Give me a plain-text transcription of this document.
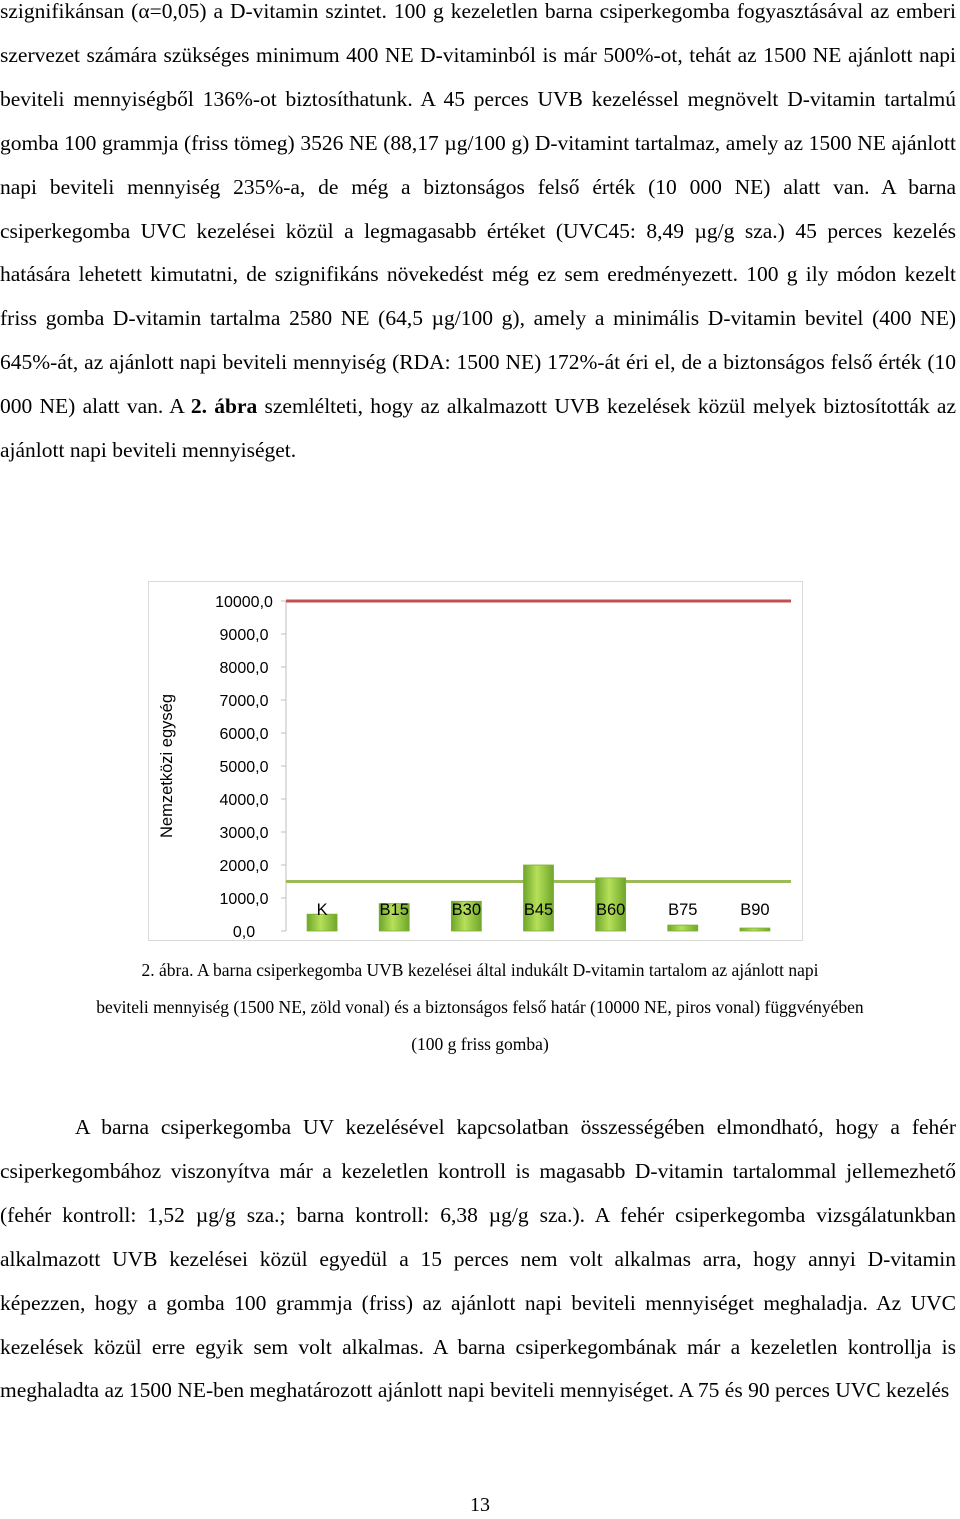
szignifikánsan (α=0,05) a D-vitamin szintet. 100 g kezeletlen barna csiperkegomba fogyasztásával az emberi szervezet számára szükséges minimum 400 NE D-vitaminból is már 500%-ot, tehát az 1500 NE ajánlott napi beviteli mennyiségből 136%-ot biztosíthatunk. A 45 perces UVB kezeléssel megnövelt D-vitamin tartalmú gomba 100 grammja (friss tömeg) 3526 NE (88,17 µg/100 g) D-vitamint tartalmaz, amely az 1500 NE ajánlott napi beviteli mennyiség 235%-a, de még a biztonságos felső érték (10 000 NE) alatt van. A barna csiperkegomba UVC kezelései közül a legmagasabb értéket (UVC45: 8,49 µg/g sza.) 45 perces kezelés hatására lehetett kimutatni, de szignifikáns növekedést még ez sem eredményezett. 100 g ily módon kezelt friss gomba D-vitamin tartalma 2580 NE (64,5 µg/100 g), amely a minimális D-vitamin bevitel (400 NE) 645%-át, az ajánlott napi beviteli mennyiség (RDA: 1500 NE) 172%-át éri el, de a biztonságos felső érték (10 000 NE) alatt van. A 2. ábra szemlélteti, hogy az alkalmazott UVB kezelések közül melyek biztosították az ajánlott napi beviteli mennyiséget.

0,0
1000,0
2000,0
3000,0
4000,0
5000,0
6000,0
7000,0
8000,0
9000,0
10000,0
Nemzetközi egység
K	B15	B30	B45	B60	B75	B90
2. ábra. A barna csiperkegomba UVB kezelései által indukált D-vitamin tartalom az ajánlott napi
beviteli mennyiség (1500 NE, zöld vonal) és a biztonságos felső határ (10000 NE, piros vonal) függvényében
(100 g friss gomba)

A barna csiperkegomba UV kezelésével kapcsolatban összességében elmondható, hogy a fehér csiperkegombához viszonyítva már a kezeletlen kontroll is magasabb D-vitamin tartalommal jellemezhető (fehér kontroll: 1,52 µg/g sza.; barna kontroll: 6,38 µg/g sza.). A fehér csiperkegomba vizsgálatunkban alkalmazott UVB kezelései közül egyedül a 15 perces nem volt alkalmas arra, hogy annyi D-vitamin képezzen, hogy a gomba 100 grammja (friss) az ajánlott napi beviteli mennyiséget meghaladja. Az UVC kezelések közül erre egyik sem volt alkalmas. A barna csiperkegombának már a kezeletlen kontrollja is meghaladta az 1500 NE-ben meghatározott ajánlott napi beviteli mennyiséget. A 75 és 90 perces UVC kezelés

13
